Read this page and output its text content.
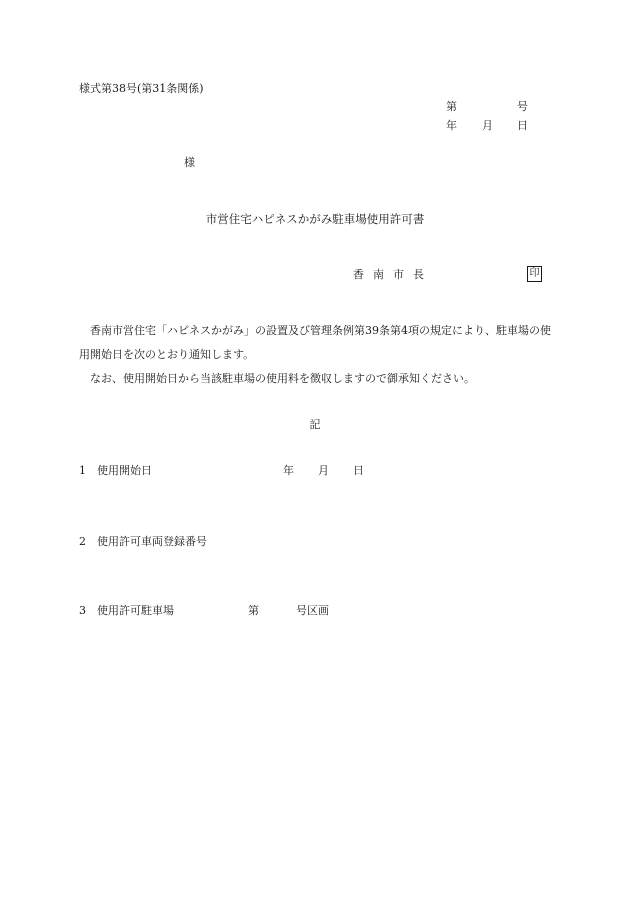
様式第38号(第31条関係)
第	号
年 月 日
様
市営住宅ハピネスかがみ駐車場使用許可書
香南市長	印
香南市営住宅「ハピネスかがみ」の設置及び管理条例第39条第4項の規定により、駐車場の使用開始日を次のとおり通知します。
なお、使用開始日から当該駐車場の使用料を徴収しますので御承知ください。
記
1 使用開始日	年 月 日
2 使用許可車両登録番号
3 使用許可駐車場	第	号区画
